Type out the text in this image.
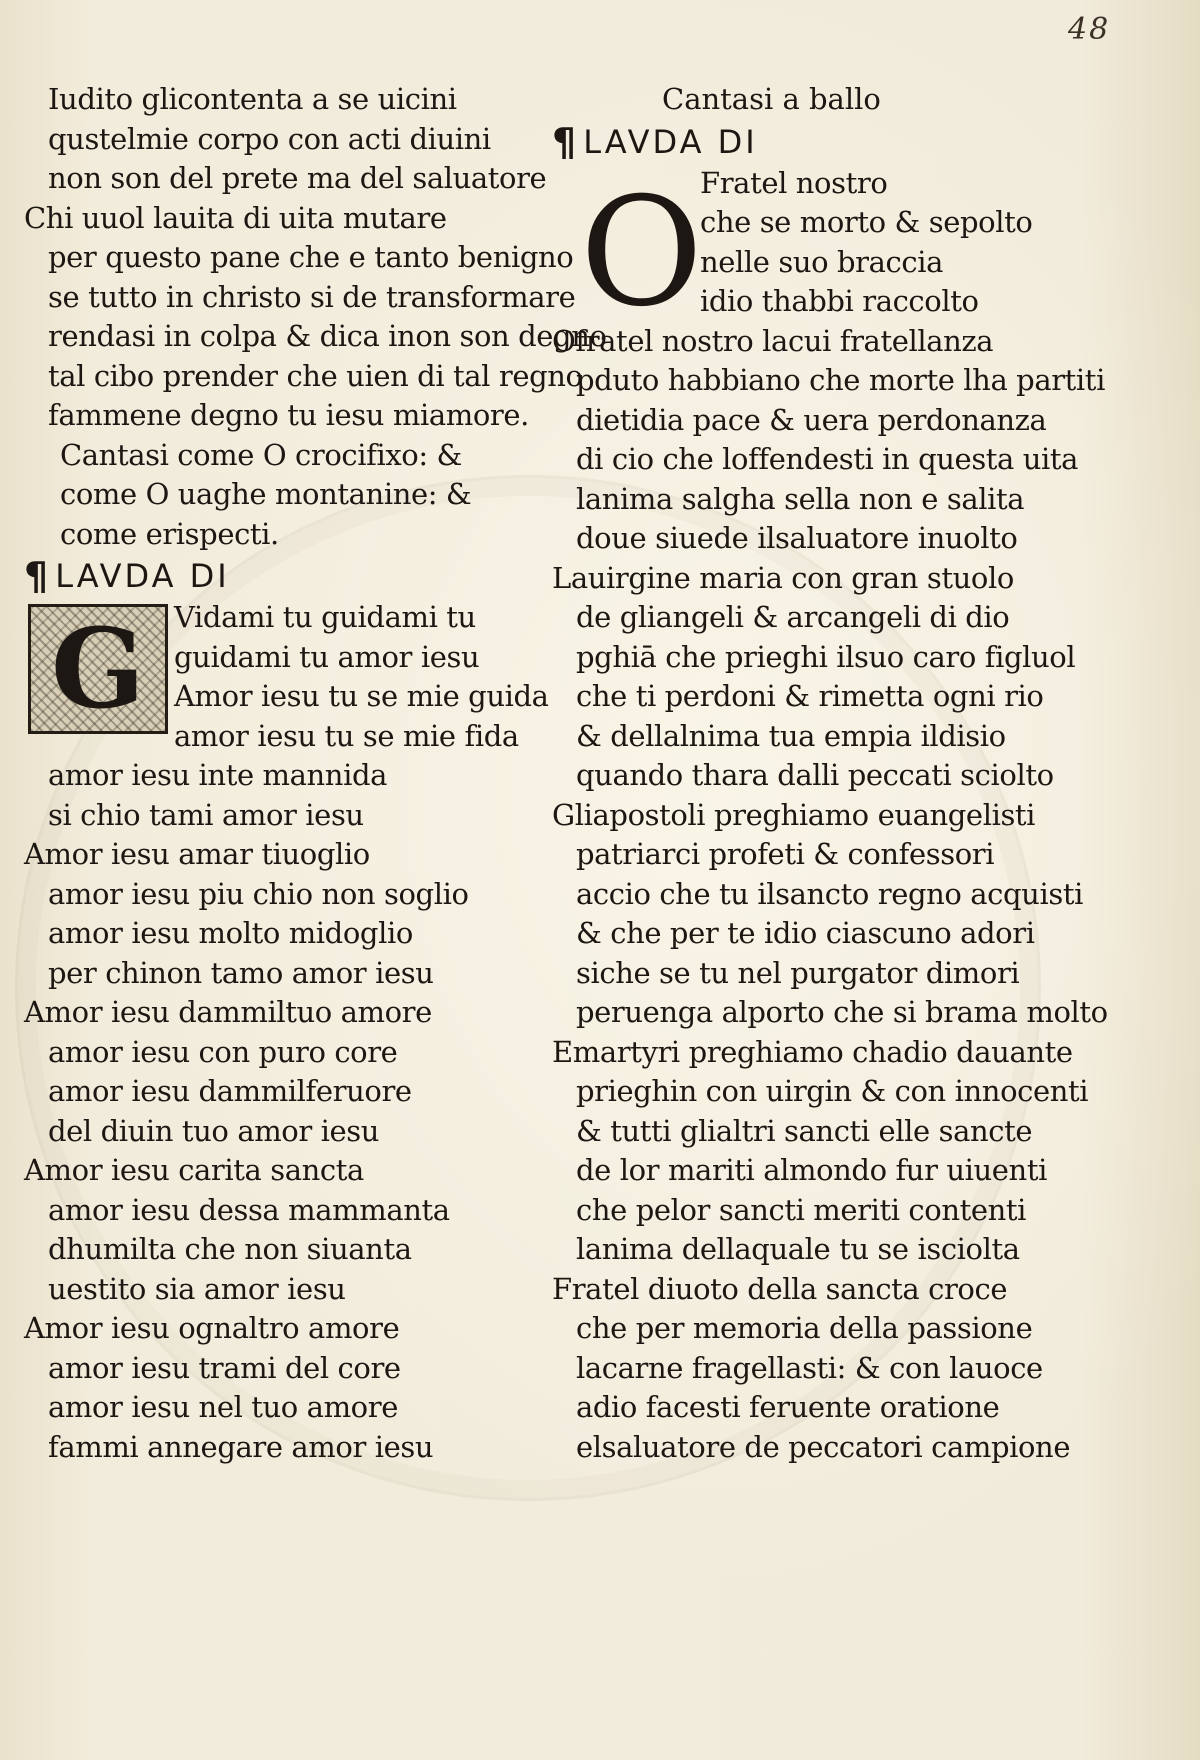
48
Iudito glicontenta a se uicini
qustelmie corpo con acti diuini
non son del prete ma del saluatore
Chi uuol lauita di uita mutare
per questo pane che e tanto benigno
se tutto in christo si de transformare
rendasi in colpa & dica inon son degno
tal cibo prender che uien di tal regno
fammene degno tu iesu miamore.
Cantasi come O crocifixo: &
come O uaghe montanine: &
come erispecti.
¶ LAVDA DI
G	Vidami tu guidami tu
guidami tu amor iesu
Amor iesu tu se mie guida
amor iesu tu se mie fida
amor iesu inte mannida
si chio tami amor iesu
Amor iesu amar tiuoglio
amor iesu piu chio non soglio
amor iesu molto midoglio
per chinon tamo amor iesu
Amor iesu dammiltuo amore
amor iesu con puro core
amor iesu dammilferuore
del diuin tuo amor iesu
Amor iesu carita sancta
amor iesu dessa mammanta
dhumilta che non siuanta
uestito sia amor iesu
Amor iesu ognaltro amore
amor iesu trami del core
amor iesu nel tuo amore
fammi annegare amor iesu
Cantasi a ballo
¶ LAVDA DI
O
Fratel nostro
che se morto & sepolto
nelle suo braccia
idio thabbi raccolto
Ofratel nostro lacui fratellanza
pduto habbiano che morte lha partiti
dietidia pace & uera perdonanza
di cio che loffendesti in questa uita
lanima salgha sella non e salita
doue siuede ilsaluatore inuolto
Lauirgine maria con gran stuolo
de gliangeli & arcangeli di dio
pghiā che prieghi ilsuo caro figluol
che ti perdoni & rimetta ogni rio
& dellalnima tua empia ildisio
quando thara dalli peccati sciolto
Gliapostoli preghiamo euangelisti
patriarci profeti & confessori
accio che tu ilsancto regno acquisti
& che per te idio ciascuno adori
siche se tu nel purgator dimori
peruenga alporto che si brama molto
Emartyri preghiamo chadio dauante
prieghin con uirgin & con innocenti
& tutti glialtri sancti elle sancte
de lor mariti almondo fur uiuenti
che pelor sancti meriti contenti
lanima dellaquale tu se isciolta
Fratel diuoto della sancta croce
che per memoria della passione
lacarne fragellasti: & con lauoce
adio facesti feruente oratione
elsaluatore de peccatori campione
